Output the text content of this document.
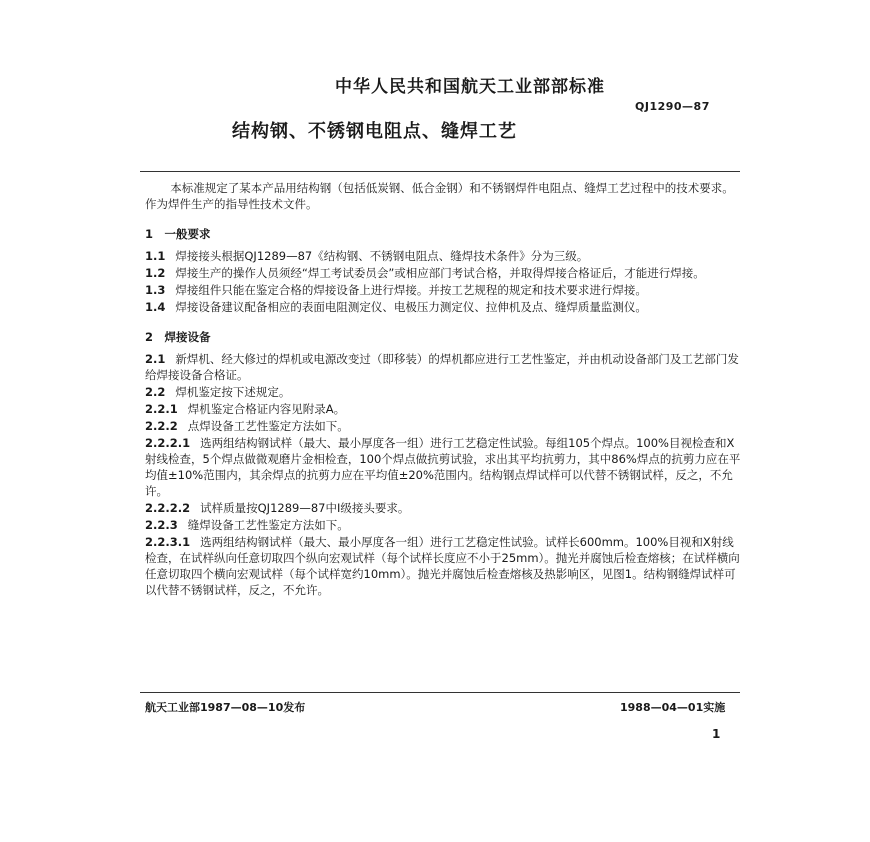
中华人民共和国航天工业部部标准
QJ1290—87
结构钢、不锈钢电阻点、缝焊工艺

本标准规定了某本产品用结构钢（包括低炭钢、低合金钢）和不锈钢焊件电阻点、缝焊工艺过程中的技术要求。作为焊件生产的指导性技术文件。

1　一般要求

1.1 焊接接头根据QJ1289—87《结构钢、不锈钢电阻点、缝焊技术条件》分为三级。

1.2 焊接生产的操作人员须经“焊工考试委员会”或相应部门考试合格，并取得焊接合格证后，才能进行焊接。

1.3 焊接组件只能在鉴定合格的焊接设备上进行焊接。并按工艺规程的规定和技术要求进行焊接。

1.4 焊接设备建议配备相应的表面电阻测定仪、电极压力测定仪、拉伸机及点、缝焊质量监测仪。

2　焊接设备

2.1 新焊机、经大修过的焊机或电源改变过（即移装）的焊机都应进行工艺性鉴定，并由机动设备部门及工艺部门发给焊接设备合格证。

2.2 焊机鉴定按下述规定。

2.2.1 焊机鉴定合格证内容见附录A。

2.2.2 点焊设备工艺性鉴定方法如下。

2.2.2.1 选两组结构钢试样（最大、最小厚度各一组）进行工艺稳定性试验。每组105个焊点。100%目视检查和X射线检查，5个焊点做微观磨片金相检查，100个焊点做抗剪试验，求出其平均抗剪力，其中86%焊点的抗剪力应在平均值±10%范围内，其余焊点的抗剪力应在平均值±20%范围内。结构钢点焊试样可以代替不锈钢试样，反之，不允许。

2.2.2.2 试样质量按QJ1289—87中Ⅰ级接头要求。

2.2.3 缝焊设备工艺性鉴定方法如下。

2.2.3.1 选两组结构钢试样（最大、最小厚度各一组）进行工艺稳定性试验。试样长600mm。100%目视和X射线检查，在试样纵向任意切取四个纵向宏观试样（每个试样长度应不小于25mm）。抛光并腐蚀后检查熔核；在试样横向任意切取四个横向宏观试样（每个试样宽约10mm）。抛光并腐蚀后检查熔核及热影响区，见图1。结构钢缝焊试样可以代替不锈钢试样，反之，不允许。

航天工业部1987—08—10发布	1988—04—01实施
1
